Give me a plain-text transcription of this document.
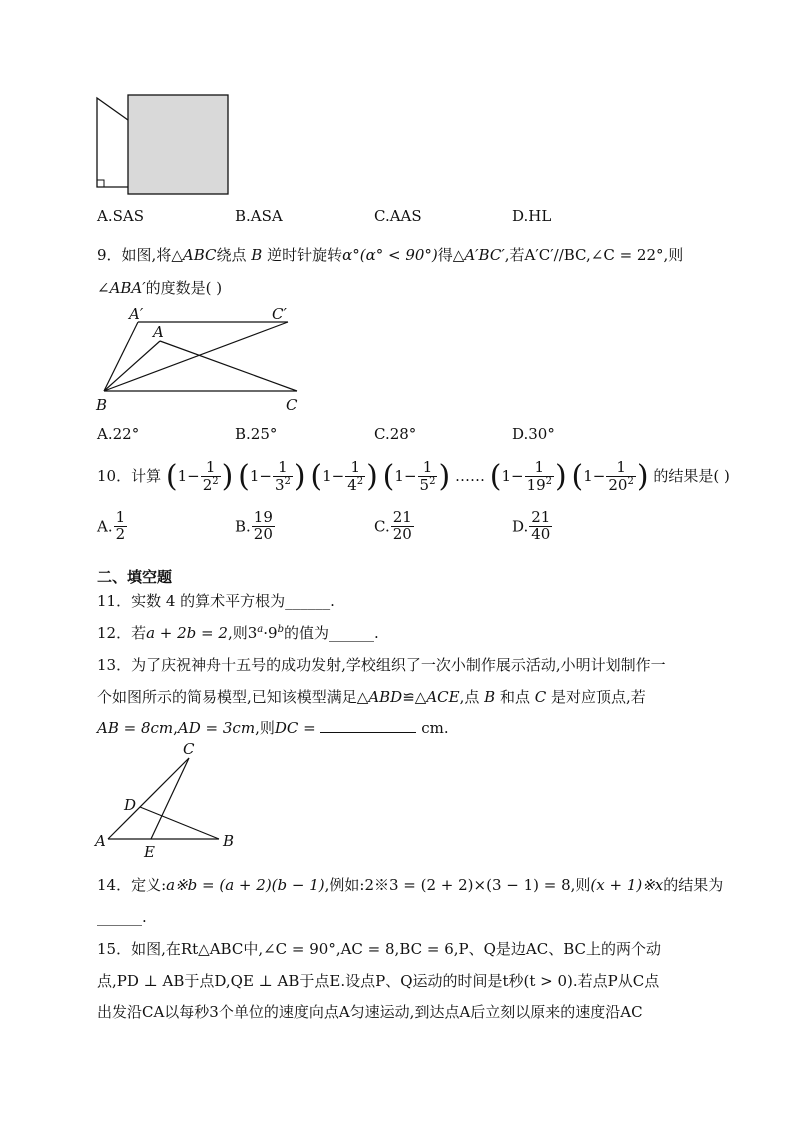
A.SAS	B.ASA	C.AAS	D.HL
9．如图,将△ABC绕点 B 逆时针旋转α°(α° < 90°)得△A′BC′,若A′C′//BC,∠C = 22°,则
∠ABA′的度数是( )
A′	C′
A
B	C
A.22°	B.25°	C.28°	D.30°
10．计算 ($1- \frac{1}{2^2}$ ) ($1- \frac{1}{3^2}$ ) ($1- \frac{1}{4^2}$ ) ($1- \frac{1}{5^2}$ ) …… ($1- \frac{1}{19^2}$ ) ($1- \frac{1}{20^2}$ ) 的结果是( )
A. $\frac{1}{2}$	B. $\frac{19}{20}$	C. $\frac{21}{20}$	D. $\frac{21}{40}$
二、填空题
11．实数 4 的算术平方根为______.
12．若a + 2b = 2,则$3^a\cdot 9^b$的值为______.
13．为了庆祝神舟十五号的成功发射,学校组织了一次小制作展示活动,小明计划制作一
个如图所示的简易模型,已知该模型满足△ABD≌△ACE,点 B 和点 C 是对应顶点,若
AB = 8cm,AD = 3cm,则DC =	cm.
C
D
A
E
B
14．定义:a※b = (a + 2)(b − 1),例如:2※3 = (2 + 2)×(3 − 1) = 8,则(x + 1)※x的结果为
______.
15．如图,在Rt△ABC中,∠C = 90°,AC = 8,BC = 6,P、Q是边AC、BC上的两个动
点,PD ⊥ AB于点D,QE ⊥ AB于点E.设点P、Q运动的时间是t秒(t > 0).若点P从C点
出发沿CA以每秒3个单位的速度向点A匀速运动,到达点A后立刻以原来的速度沿AC
